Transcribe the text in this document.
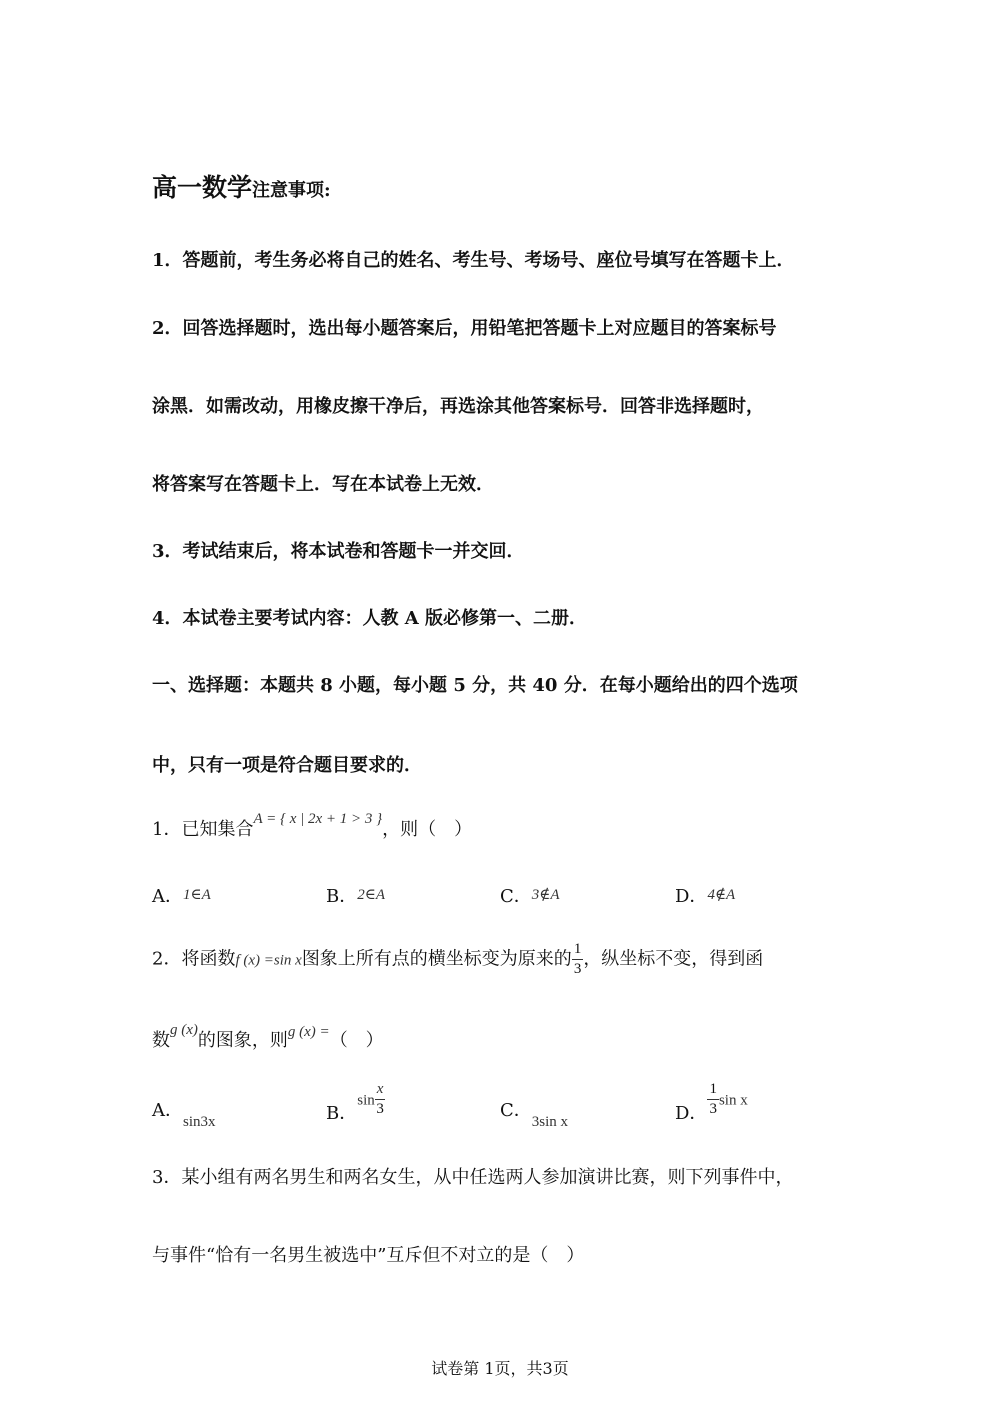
高一数学注意事项:
1．答题前，考生务必将自己的姓名、考生号、考场号、座位号填写在答题卡上．
2．回答选择题时，选出每小题答案后，用铅笔把答题卡上对应题目的答案标号
涂黑．如需改动，用橡皮擦干净后，再选涂其他答案标号．回答非选择题时，
将答案写在答题卡上．写在本试卷上无效．
3．考试结束后，将本试卷和答题卡一并交回．
4．本试卷主要考试内容：人教 A 版必修第一、二册．
一、选择题：本题共 8 小题，每小题 5 分，共 40 分．在每小题给出的四个选项
中，只有一项是符合题目要求的．
1．已知集合$^{A = \{ x | 2x + 1 > 3 \}}$，则（　）
A．1∈A	B．2∈A	C．3∉A	D．4∉A
2．将函数f (x) =sin x图象上所有点的横坐标变为原来的 $\frac{1}{3}$ ，纵坐标不变，得到函
数$^{g (x)}$的图象，则$^{g (x) =}$（　）
A．$_{sin3x}$	B．$\sin \frac{x}{3}$	C．$_{3sin x}$	D． $\frac{1}{3}$ sin x
3．某小组有两名男生和两名女生，从中任选两人参加演讲比赛，则下列事件中，
与事件“恰有一名男生被选中”互斥但不对立的是（　）
试卷第 1页，共3页
